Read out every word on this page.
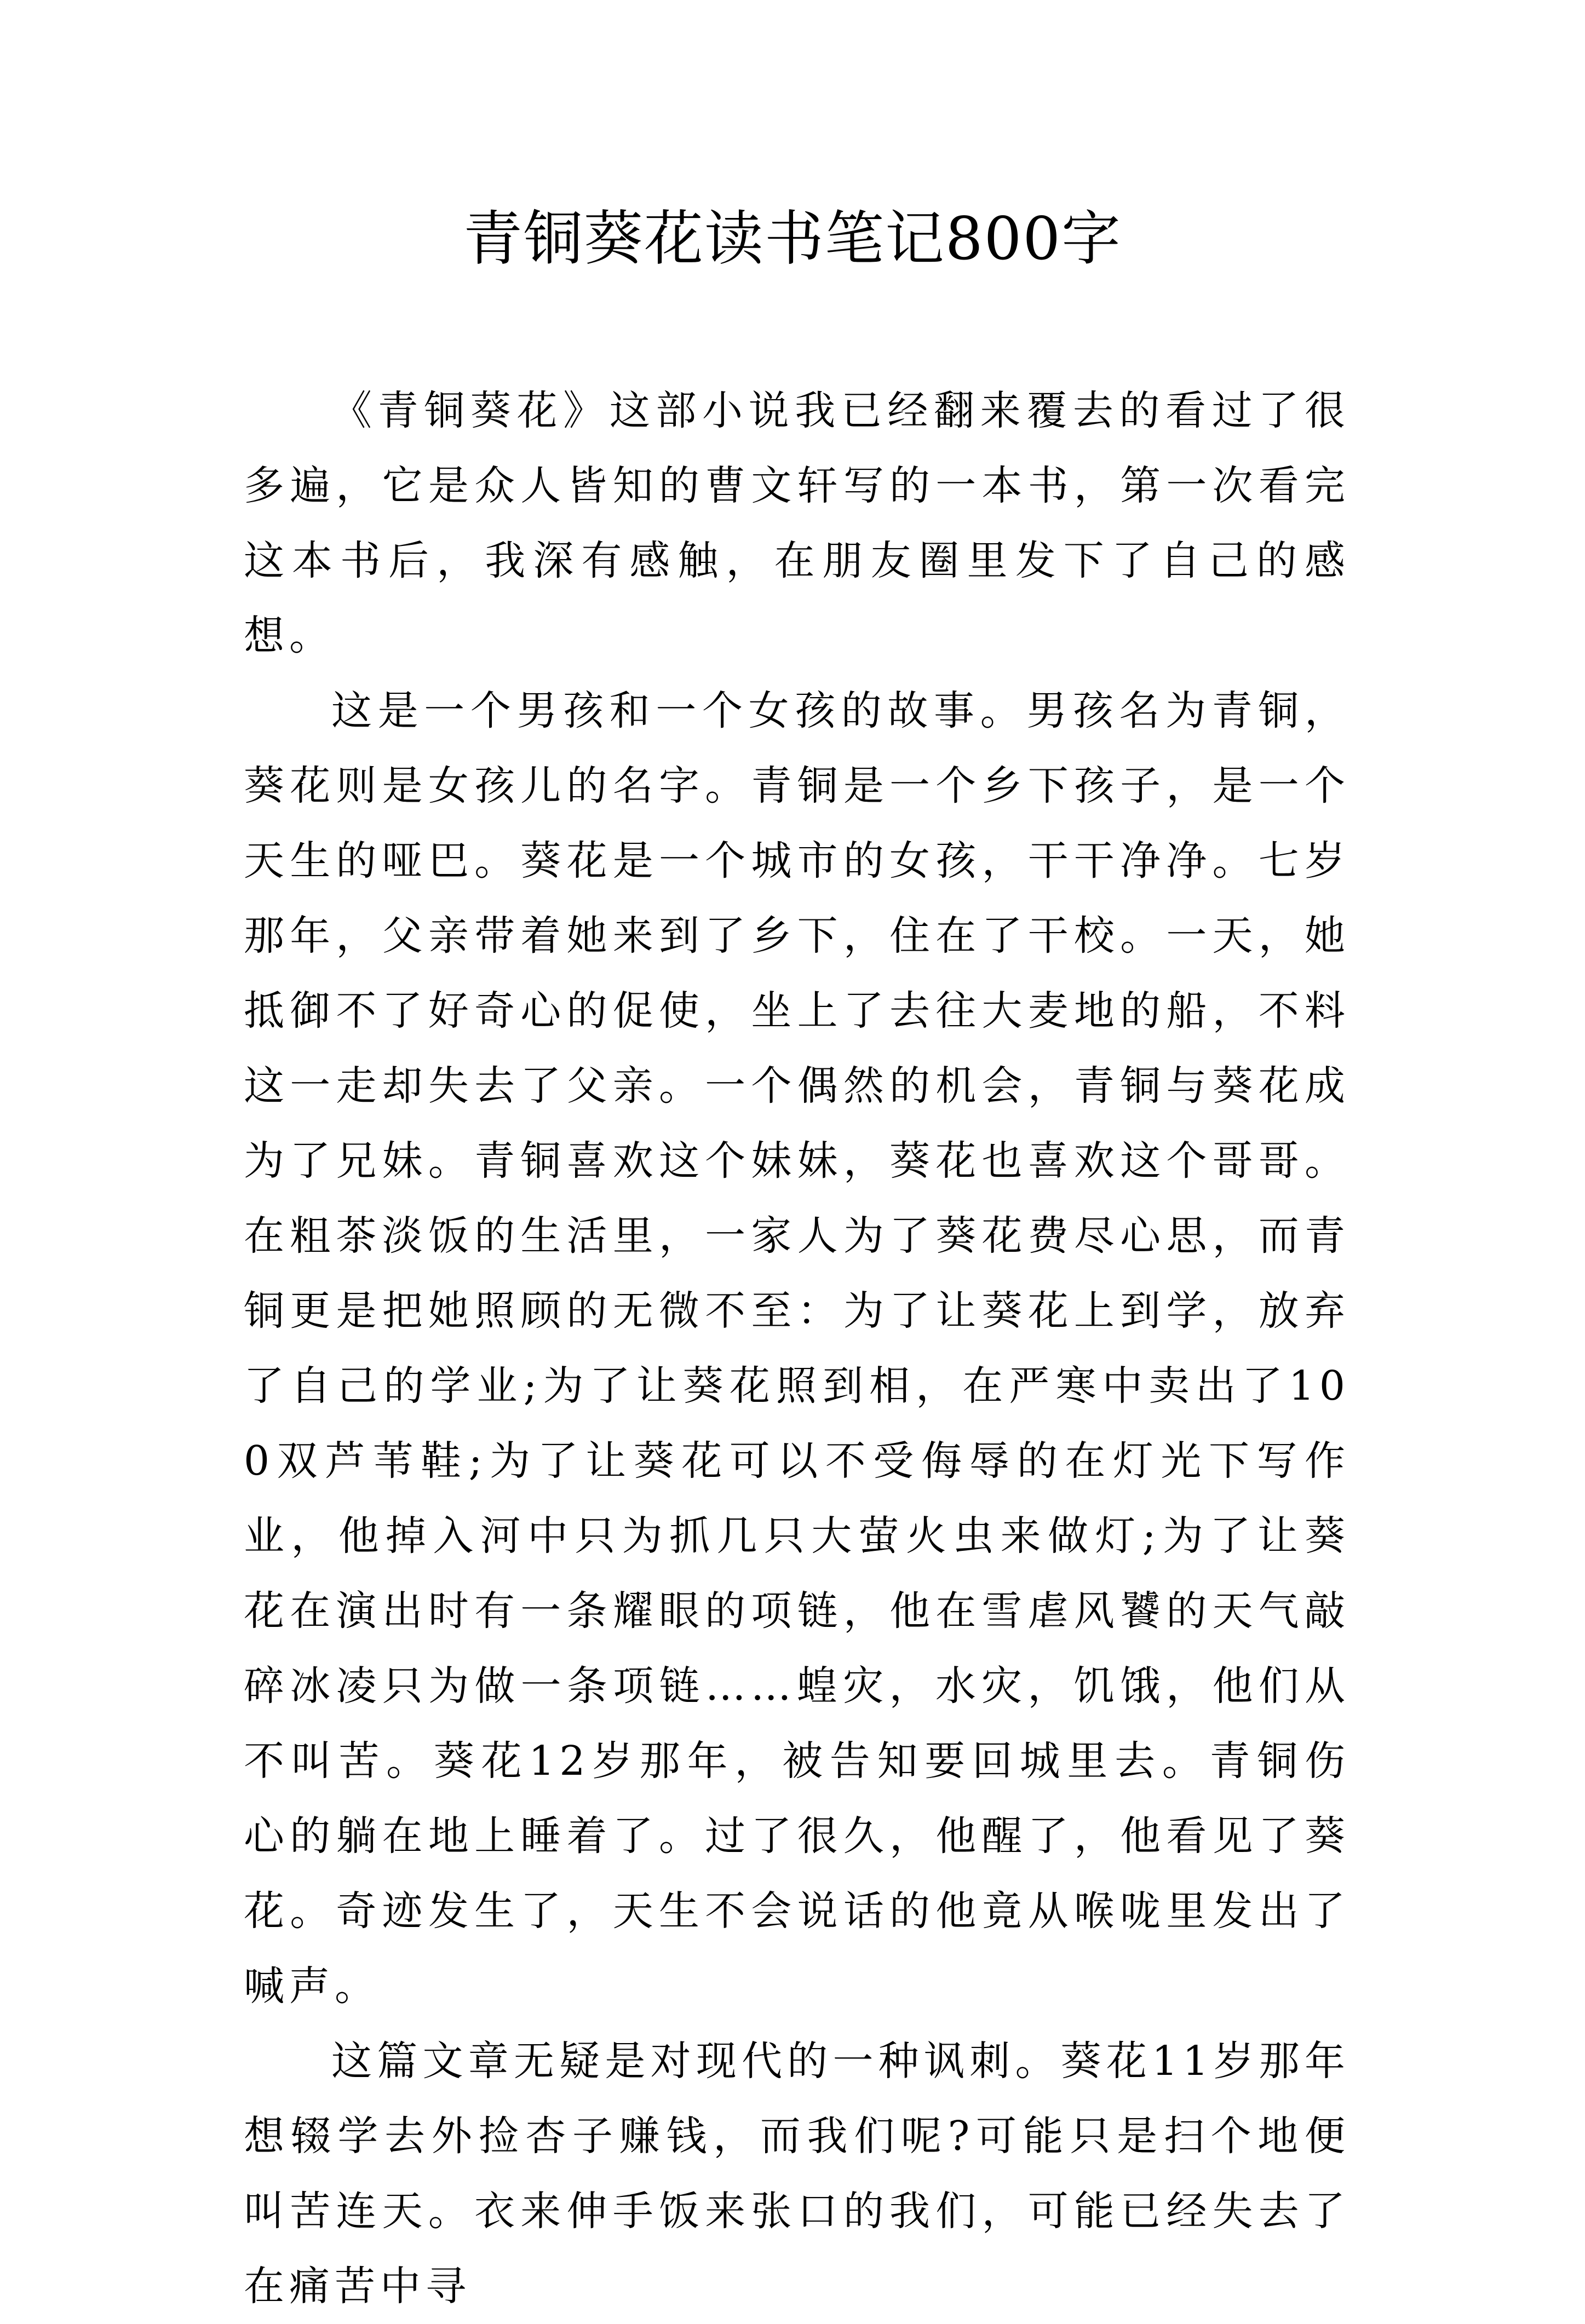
青铜葵花读书笔记800字

《青铜葵花》这部小说我已经翻来覆去的看过了很多遍，它是众人皆知的曹文轩写的一本书，第一次看完这本书后，我深有感触，在朋友圈里发下了自己的感想。

这是一个男孩和一个女孩的故事。男孩名为青铜，葵花则是女孩儿的名字。青铜是一个乡下孩子，是一个天生的哑巴。葵花是一个城市的女孩，干干净净。七岁那年，父亲带着她来到了乡下，住在了干校。一天，她抵御不了好奇心的促使，坐上了去往大麦地的船，不料这一走却失去了父亲。一个偶然的机会，青铜与葵花成为了兄妹。青铜喜欢这个妹妹，葵花也喜欢这个哥哥。在粗茶淡饭的生活里，一家人为了葵花费尽心思，而青铜更是把她照顾的无微不至：为了让葵花上到学，放弃了自己的学业;为了让葵花照到相，在严寒中卖出了100双芦苇鞋;为了让葵花可以不受侮辱的在灯光下写作业，他掉入河中只为抓几只大萤火虫来做灯;为了让葵花在演出时有一条耀眼的项链，他在雪虐风饕的天气敲碎冰凌只为做一条项链……蝗灾，水灾，饥饿，他们从不叫苦。葵花12岁那年，被告知要回城里去。青铜伤心的躺在地上睡着了。过了很久，他醒了，他看见了葵花。奇迹发生了，天生不会说话的他竟从喉咙里发出了喊声。

这篇文章无疑是对现代的一种讽刺。葵花11岁那年想辍学去外捡杏子赚钱，而我们呢?可能只是扫个地便叫苦连天。衣来伸手饭来张口的我们，可能已经失去了在痛苦中寻
